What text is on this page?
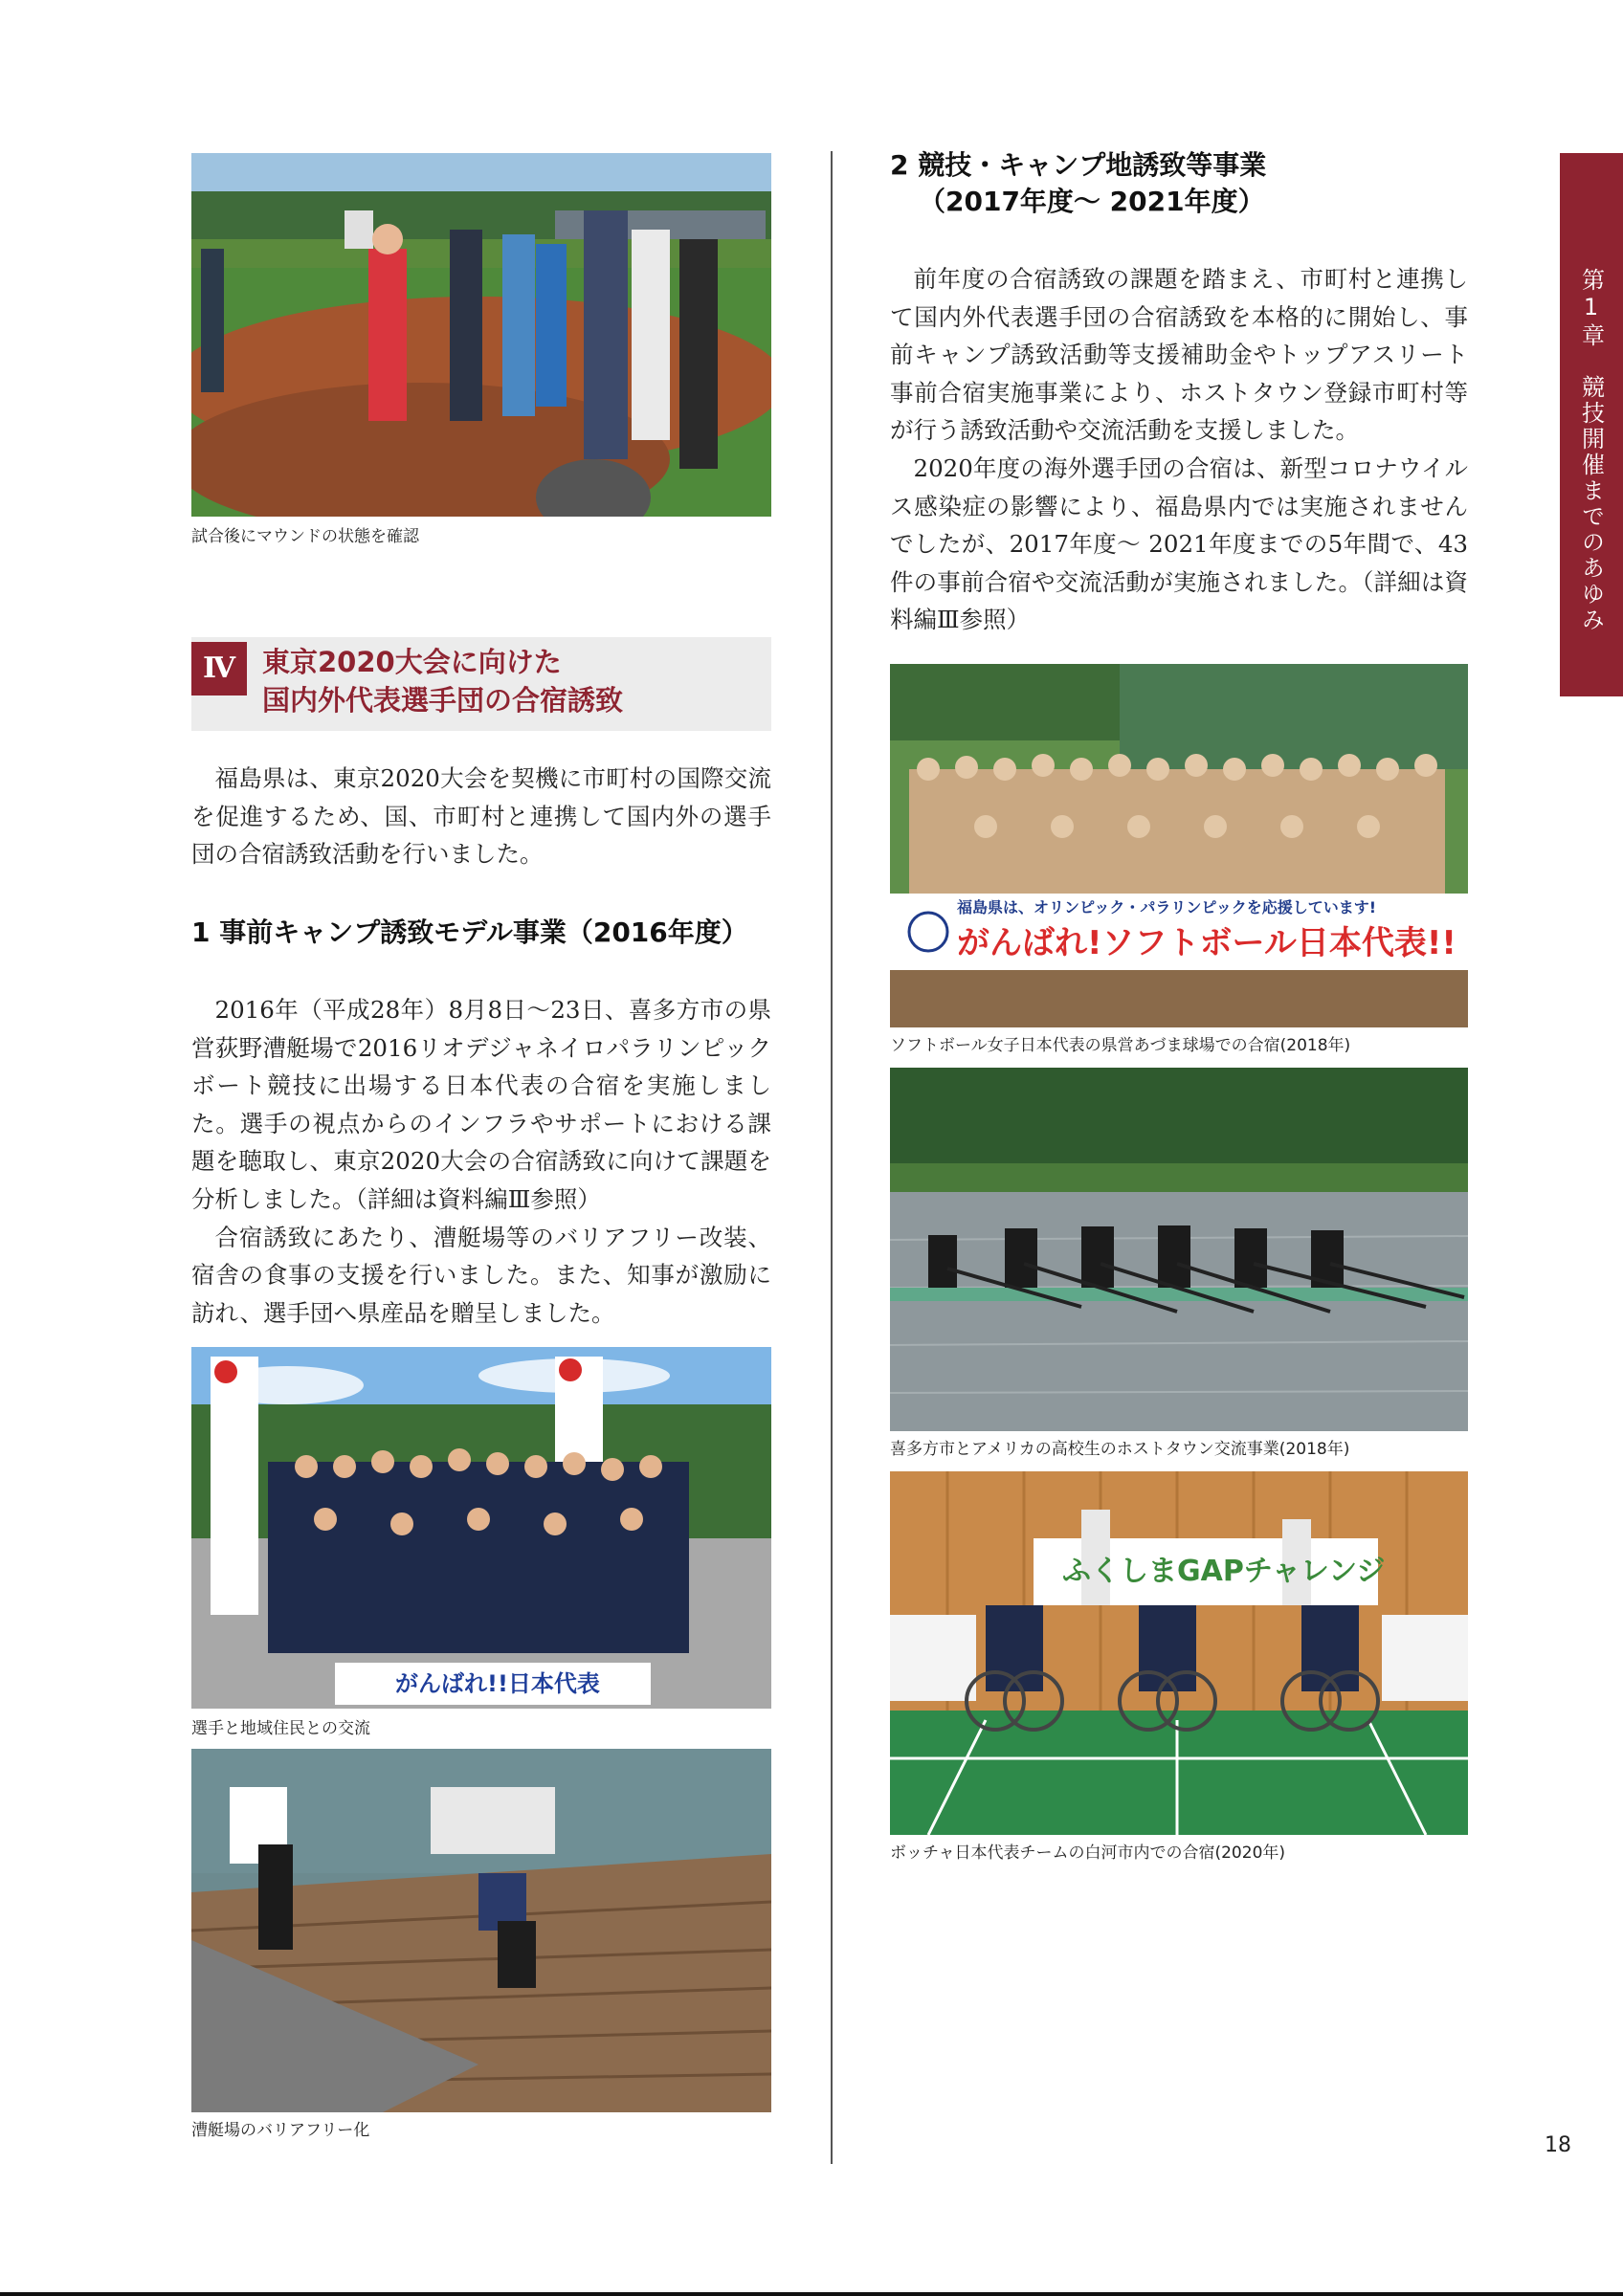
試合後にマウンドの状態を確認
Ⅳ 東京2020大会に向けた
国内外代表選手団の合宿誘致

福島県は、東京2020大会を契機に市町村の国際交流を促進するため、国、市町村と連携して国内外の選手団の合宿誘致活動を行いました。

1 事前キャンプ誘致モデル事業（2016年度）

2016年（平成28年）8月8日～23日、喜多方市の県営荻野漕艇場で2016リオデジャネイロパラリンピックボート競技に出場する日本代表の合宿を実施しました。選手の視点からのインフラやサポートにおける課題を聴取し、東京2020大会の合宿誘致に向けて課題を分析しました。（詳細は資料編Ⅲ参照）

合宿誘致にあたり、漕艇場等のバリアフリー改装、宿舎の食事の支援を行いました。また、知事が激励に訪れ、選手団へ県産品を贈呈しました。

がんばれ!!日本代表
選手と地域住民との交流
漕艇場のバリアフリー化
2 競技・キャンプ地誘致等事業
（2017年度～ 2021年度）

前年度の合宿誘致の課題を踏まえ、市町村と連携して国内外代表選手団の合宿誘致を本格的に開始し、事前キャンプ誘致活動等支援補助金やトップアスリート事前合宿実施事業により、ホストタウン登録市町村等が行う誘致活動や交流活動を支援しました。

2020年度の海外選手団の合宿は、新型コロナウイルス感染症の影響により、福島県内では実施されませんでしたが、2017年度～ 2021年度までの5年間で、43件の事前合宿や交流活動が実施されました。（詳細は資料編Ⅲ参照）

福島県は、オリンピック・パラリンピックを応援しています!
がんばれ!ソフトボール日本代表!!
ソフトボール女子日本代表の県営あづま球場での合宿(2018年)
喜多方市とアメリカの高校生のホストタウン交流事業(2018年)
ふくしまGAPチャレンジ
ボッチャ日本代表チームの白河市内での合宿(2020年)
第1章　競技開催までのあゆみ
18
